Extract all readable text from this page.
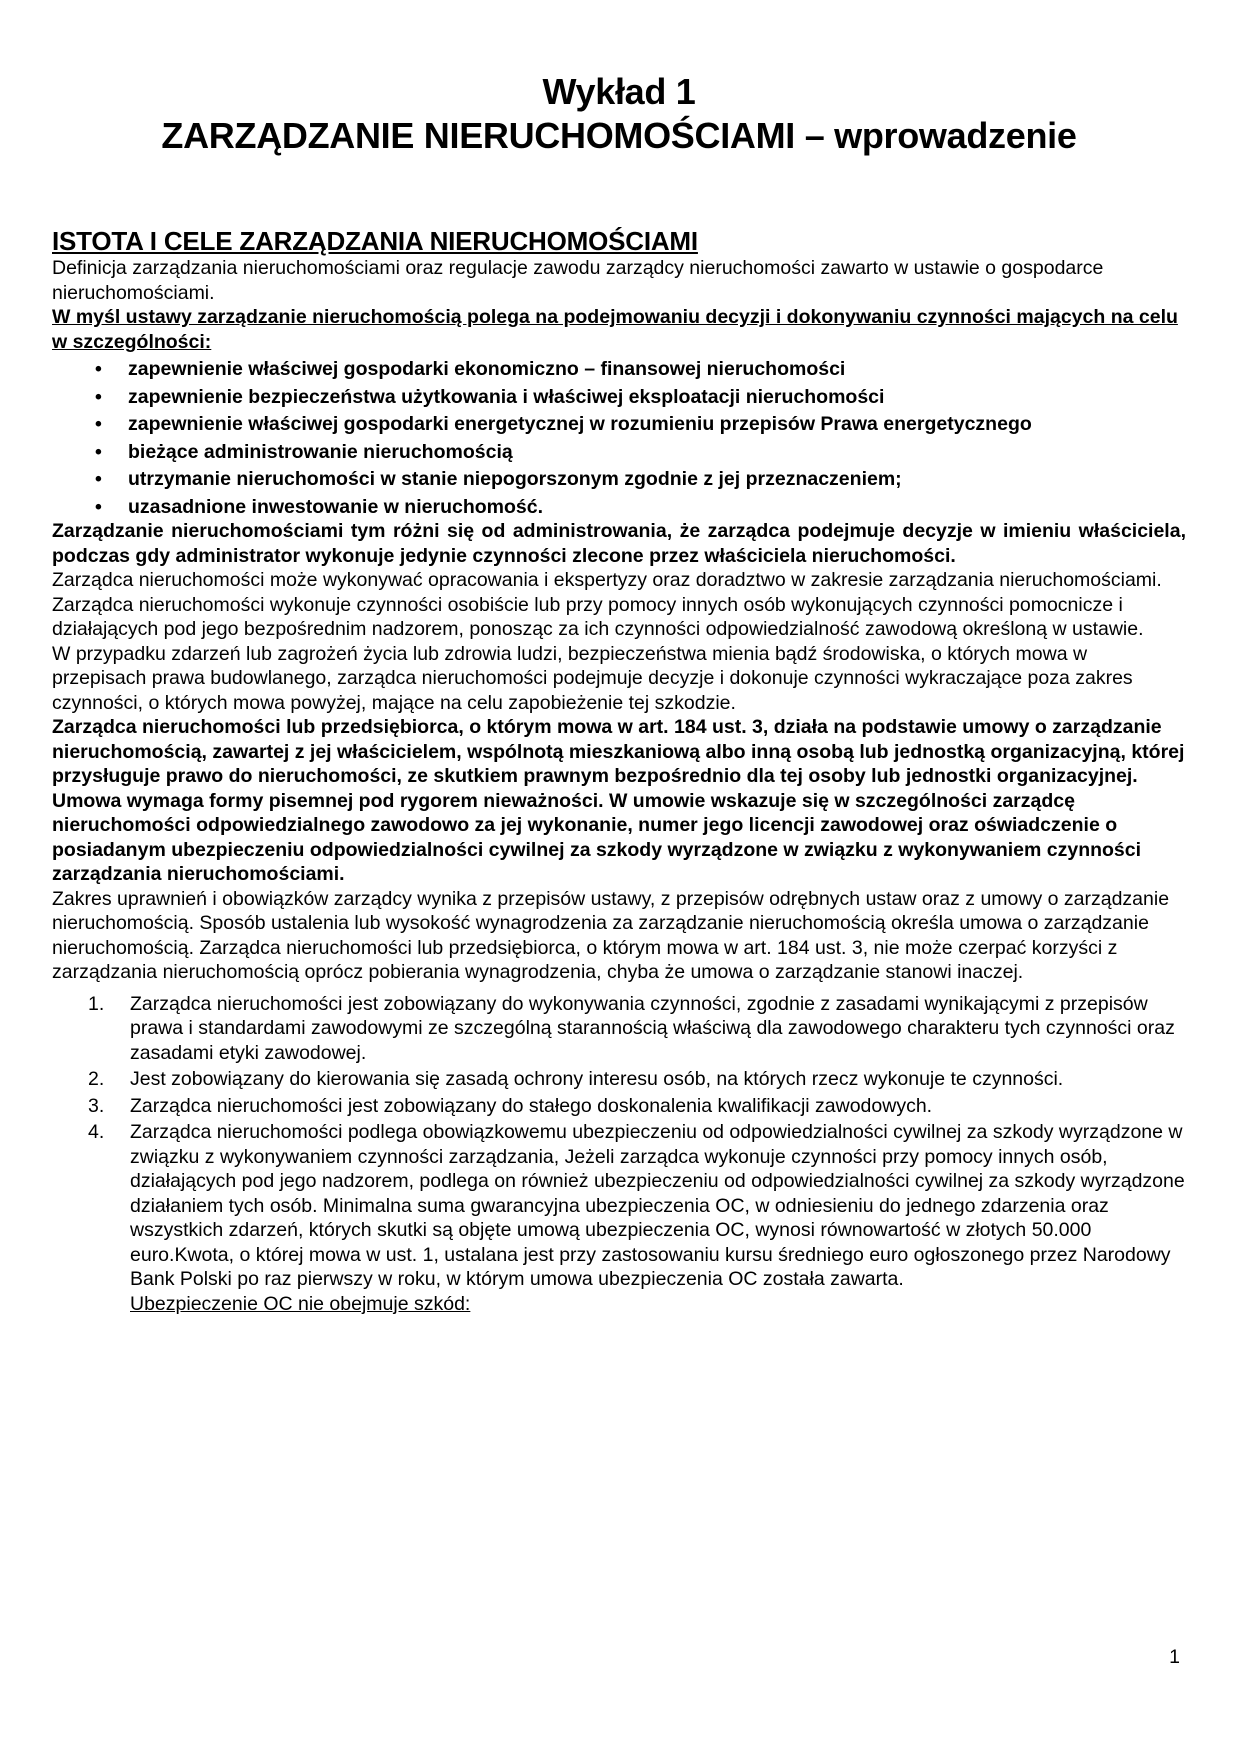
Wykład 1
ZARZĄDZANIE NIERUCHOMOŚCIAMI – wprowadzenie
ISTOTA I CELE ZARZĄDZANIA NIERUCHOMOŚCIAMI

Definicja zarządzania nieruchomościami oraz regulacje zawodu zarządcy nieruchomości zawarto w ustawie o gospodarce nieruchomościami.

W myśl ustawy zarządzanie nieruchomością polega na podejmowaniu decyzji i dokonywaniu czynności mających na celu w szczególności:

• zapewnienie właściwej gospodarki ekonomiczno – finansowej nieruchomości
• zapewnienie bezpieczeństwa użytkowania i właściwej eksploatacji nieruchomości
• zapewnienie właściwej gospodarki energetycznej w rozumieniu przepisów Prawa energetycznego
• bieżące administrowanie nieruchomością
• utrzymanie nieruchomości w stanie niepogorszonym zgodnie z jej przeznaczeniem;
• uzasadnione inwestowanie w nieruchomość.

Zarządzanie nieruchomościami tym różni się od administrowania, że zarządca podejmuje decyzje w imieniu właściciela, podczas gdy administrator wykonuje jedynie czynności zlecone przez właściciela nieruchomości.

Zarządca nieruchomości może wykonywać opracowania i ekspertyzy oraz doradztwo w zakresie zarządzania nieruchomościami.

Zarządca nieruchomości wykonuje czynności osobiście lub przy pomocy innych osób wykonujących czynności pomocnicze i działających pod jego bezpośrednim nadzorem, ponosząc za ich czynności odpowiedzialność zawodową określoną w ustawie.

W przypadku zdarzeń lub zagrożeń życia lub zdrowia ludzi, bezpieczeństwa mienia bądź środowiska, o których mowa w przepisach prawa budowlanego, zarządca nieruchomości podejmuje decyzje i dokonuje czynności wykraczające poza zakres czynności, o których mowa powyżej, mające na celu zapobieżenie tej szkodzie.

Zarządca nieruchomości lub przedsiębiorca, o którym mowa w art. 184 ust. 3, działa na podstawie umowy o zarządzanie nieruchomością, zawartej z jej właścicielem, wspólnotą mieszkaniową albo inną osobą lub jednostką organizacyjną, której przysługuje prawo do nieruchomości, ze skutkiem prawnym bezpośrednio dla tej osoby lub jednostki organizacyjnej. Umowa wymaga formy pisemnej pod rygorem nieważności. W umowie wskazuje się w szczególności zarządcę nieruchomości odpowiedzialnego zawodowo za jej wykonanie, numer jego licencji zawodowej oraz oświadczenie o posiadanym ubezpieczeniu odpowiedzialności cywilnej za szkody wyrządzone w związku z wykonywaniem czynności zarządzania nieruchomościami.

Zakres uprawnień i obowiązków zarządcy wynika z przepisów ustawy, z przepisów odrębnych ustaw oraz z umowy o zarządzanie nieruchomością. Sposób ustalenia lub wysokość wynagrodzenia za zarządzanie nieruchomością określa umowa o zarządzanie nieruchomością. Zarządca nieruchomości lub przedsiębiorca, o którym mowa w art. 184 ust. 3, nie może czerpać korzyści z zarządzania nieruchomością oprócz pobierania wynagrodzenia, chyba że umowa o zarządzanie stanowi inaczej.

Zarządca nieruchomości jest zobowiązany do wykonywania czynności, zgodnie z zasadami wynikającymi z przepisów prawa i standardami zawodowymi ze szczególną starannością właściwą dla zawodowego charakteru tych czynności oraz zasadami etyki zawodowej.
Jest zobowiązany do kierowania się zasadą ochrony interesu osób, na których rzecz wykonuje te czynności.
Zarządca nieruchomości jest zobowiązany do stałego doskonalenia kwalifikacji zawodowych.
Zarządca nieruchomości podlega obowiązkowemu ubezpieczeniu od odpowiedzialności cywilnej za szkody wyrządzone w związku z wykonywaniem czynności zarządzania, Jeżeli zarządca wykonuje czynności przy pomocy innych osób, działających pod jego nadzorem, podlega on również ubezpieczeniu od odpowiedzialności cywilnej za szkody wyrządzone działaniem tych osób. Minimalna suma gwarancyjna ubezpieczenia OC, w odniesieniu do jednego zdarzenia oraz wszystkich zdarzeń, których skutki są objęte umową ubezpieczenia OC, wynosi równowartość w złotych 50.000 euro.Kwota, o której mowa w ust. 1, ustalana jest przy zastosowaniu kursu średniego euro ogłoszonego przez Narodowy Bank Polski po raz pierwszy w roku, w którym umowa ubezpieczenia OC została zawarta.
Ubezpieczenie OC nie obejmuje szkód:
1
